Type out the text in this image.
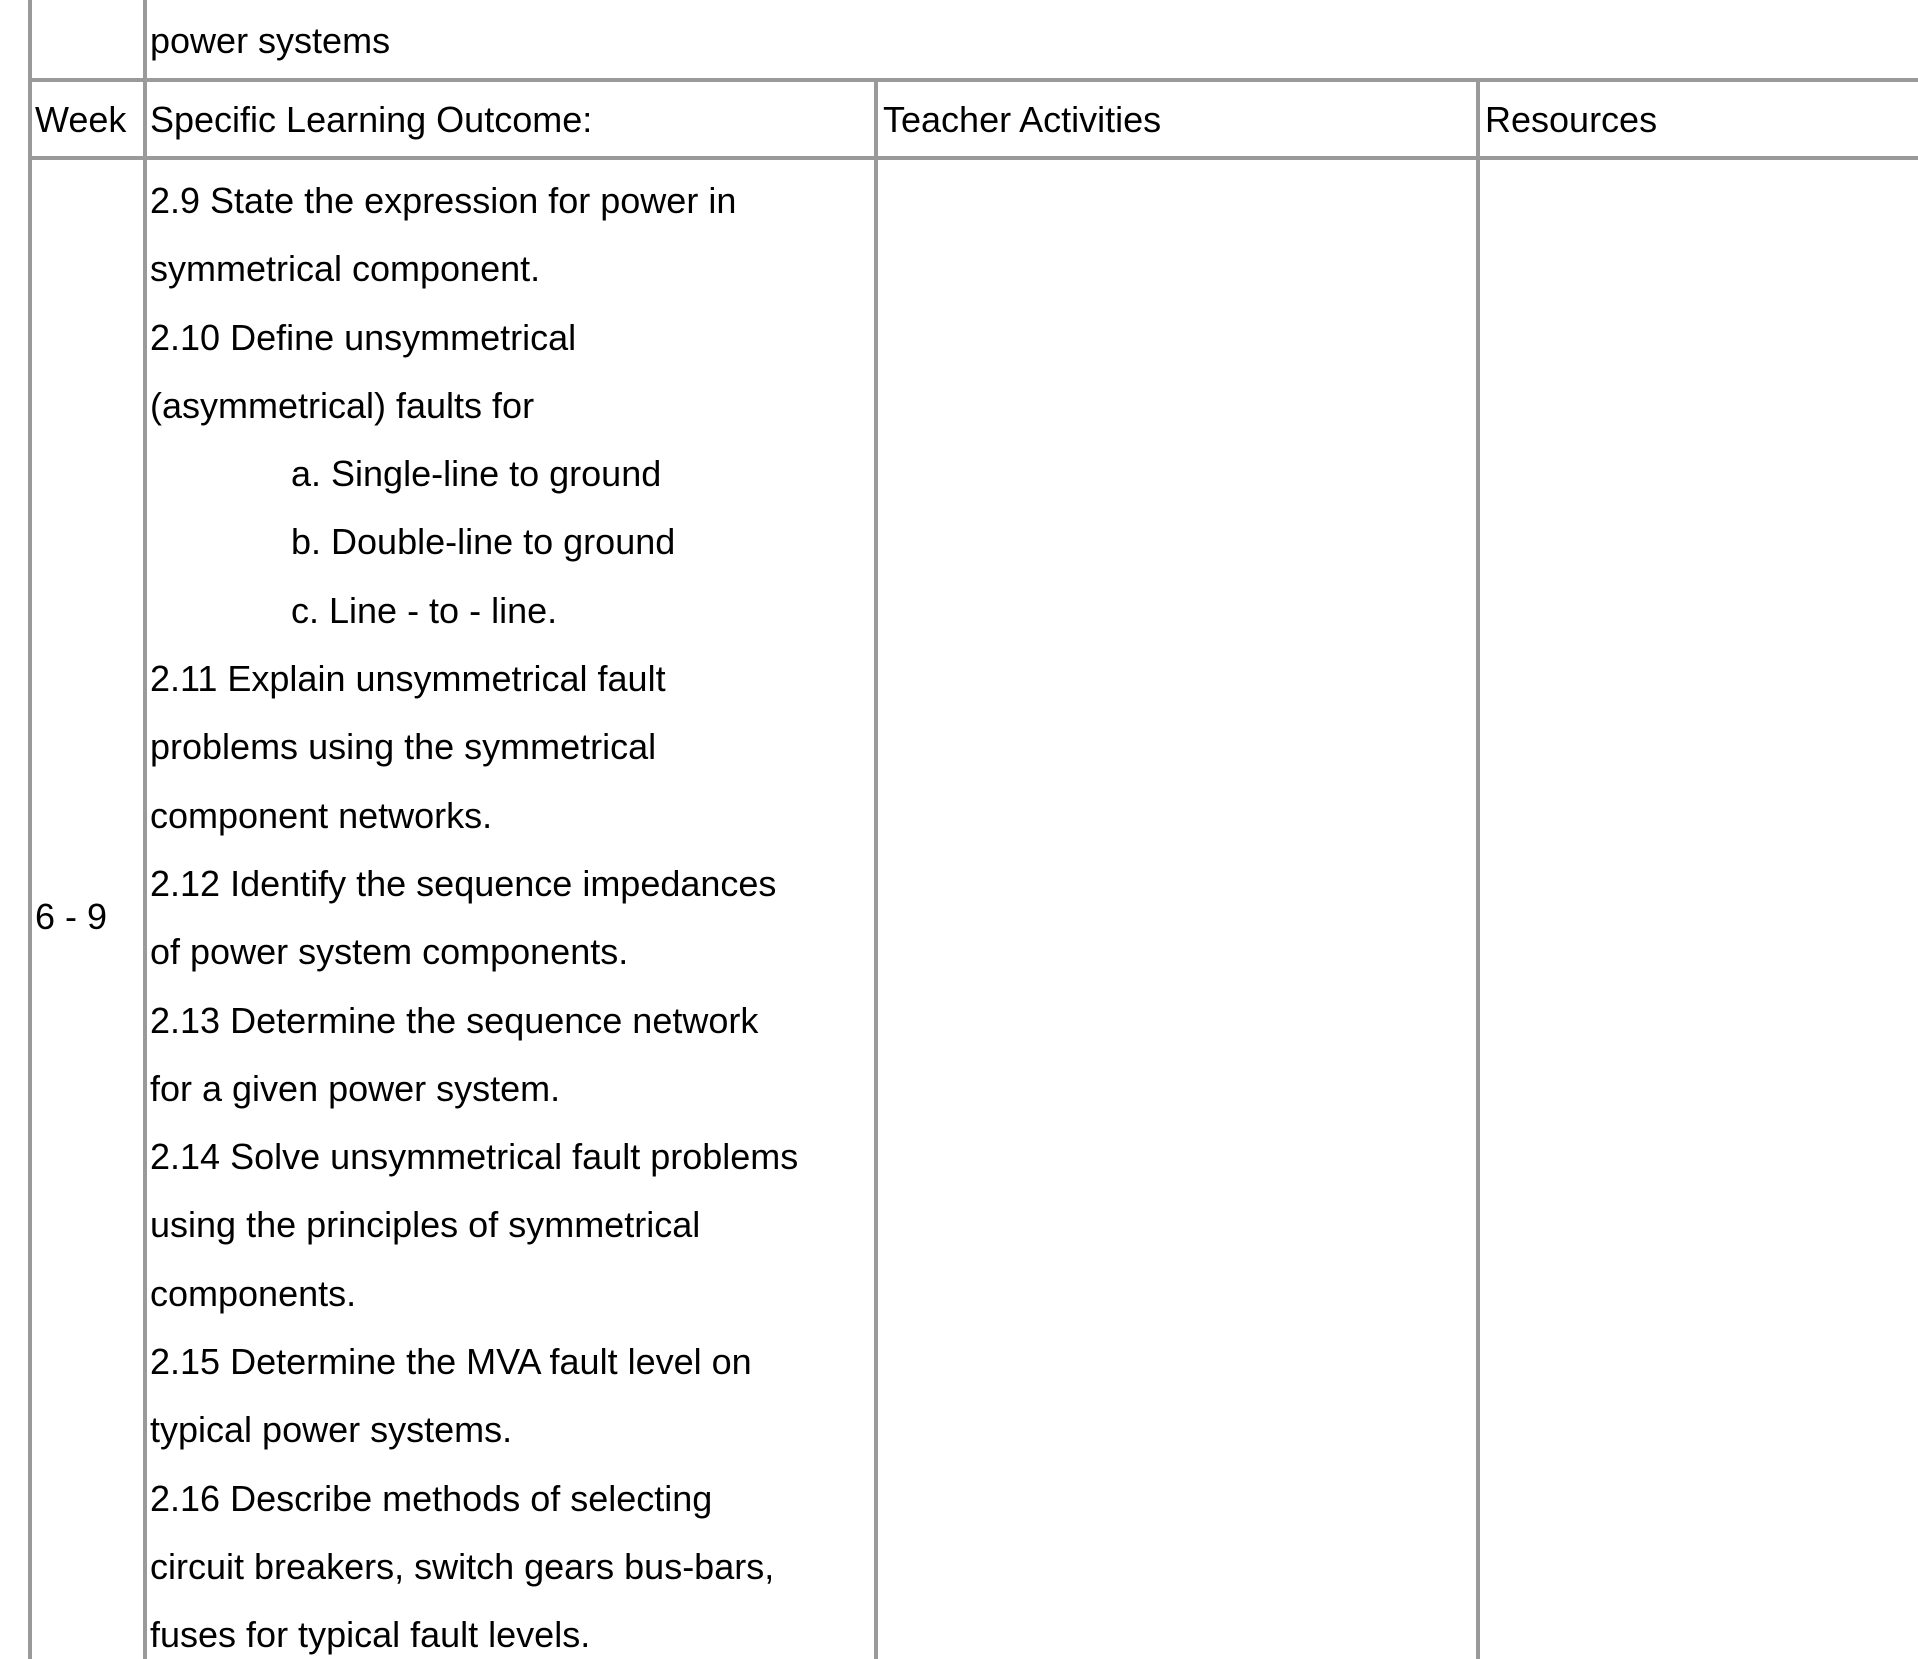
power systems
Week Specific Learning Outcome:	Teacher Activities	Resources
6 - 9
2.9 State the expression for power in
symmetrical component.
2.10 Define unsymmetrical
(asymmetrical) faults for
a. Single-line to ground
b. Double-line to ground
c. Line - to - line.
2.11 Explain unsymmetrical fault
problems using the symmetrical
component networks.
2.12 Identify the sequence impedances
of power system components.
2.13 Determine the sequence network
for a given power system.
2.14 Solve unsymmetrical fault problems
using the principles of symmetrical
components.
2.15 Determine the MVA fault level on
typical power systems.
2.16 Describe methods of selecting
circuit breakers, switch gears bus-bars,
fuses for typical fault levels.
